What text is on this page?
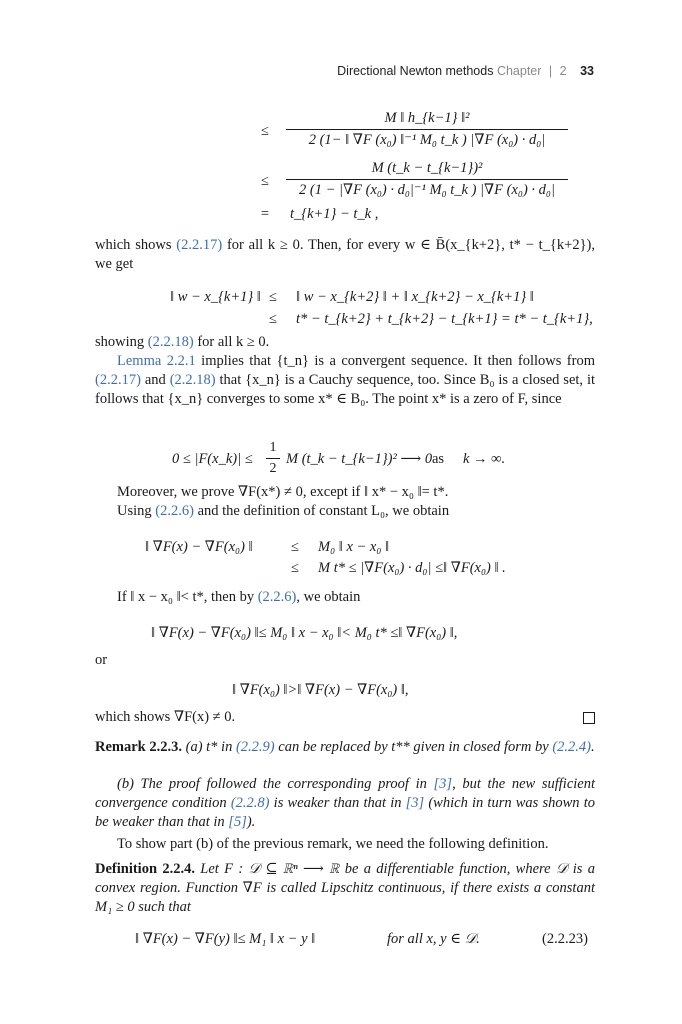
Directional Newton methods Chapter | 2 33
≤
M ‖ h_{k−1} ‖²
2 (1− ‖ ∇F (x₀) ‖⁻¹ M₀ t_k ) |∇F (x₀) · d₀|
≤
M (t_k − t_{k−1})²
2 (1 − |∇F (x₀) · d₀|⁻¹ M₀ t_k ) |∇F (x₀) · d₀|
=	t_{k+1} − t_k ,
which shows (2.2.17) for all k ≥ 0. Then, for every w ∈ B̄(x_{k+2}, t* − t_{k+2}), we get
‖ w − x_{k+1} ‖ ≤	‖ w − x_{k+2} ‖ + ‖ x_{k+2} − x_{k+1} ‖
≤	t* − t_{k+2} + t_{k+2} − t_{k+1} = t* − t_{k+1},
showing (2.2.18) for all k ≥ 0.
Lemma 2.2.1 implies that {t_n} is a convergent sequence. It then follows from (2.2.17) and (2.2.18) that {x_n} is a Cauchy sequence, too. Since B₀ is a closed set, it follows that {x_n} converges to some x* ∈ B₀. The point x* is a zero of F, since
0 ≤ |F(x_k)| ≤
1
2
M (t_k − t_{k−1})² ⟶ 0 as k → ∞.
Moreover, we prove ∇F(x*) ≠ 0, except if ‖ x* − x₀ ‖= t*.
Using (2.2.6) and the definition of constant L₀, we obtain
‖ ∇F(x) − ∇F(x₀) ‖	≤	M₀ ‖ x − x₀ ‖
≤	M t* ≤ |∇F(x₀) · d₀| ≤‖ ∇F(x₀) ‖ .
If ‖ x − x₀ ‖< t*, then by (2.2.6), we obtain
‖ ∇F(x) − ∇F(x₀) ‖≤ M₀ ‖ x − x₀ ‖< M₀ t* ≤‖ ∇F(x₀) ‖,
or
‖ ∇F(x₀) ‖>‖ ∇F(x) − ∇F(x₀) ‖,
which shows ∇F(x) ≠ 0.
Remark 2.2.3. (a) t* in (2.2.9) can be replaced by t** given in closed form by (2.2.4).
(b) The proof followed the corresponding proof in [3], but the new sufficient convergence condition (2.2.8) is weaker than that in [3] (which in turn was shown to be weaker than that in [5]).
To show part (b) of the previous remark, we need the following definition.
Definition 2.2.4. Let F : 𝒟 ⊆ ℝⁿ ⟶ ℝ be a differentiable function, where 𝒟 is a convex region. Function ∇F is called Lipschitz continuous, if there exists a constant M₁ ≥ 0 such that
‖ ∇F(x) − ∇F(y) ‖≤ M₁ ‖ x − y ‖	for all x, y ∈ 𝒟.	(2.2.23)
